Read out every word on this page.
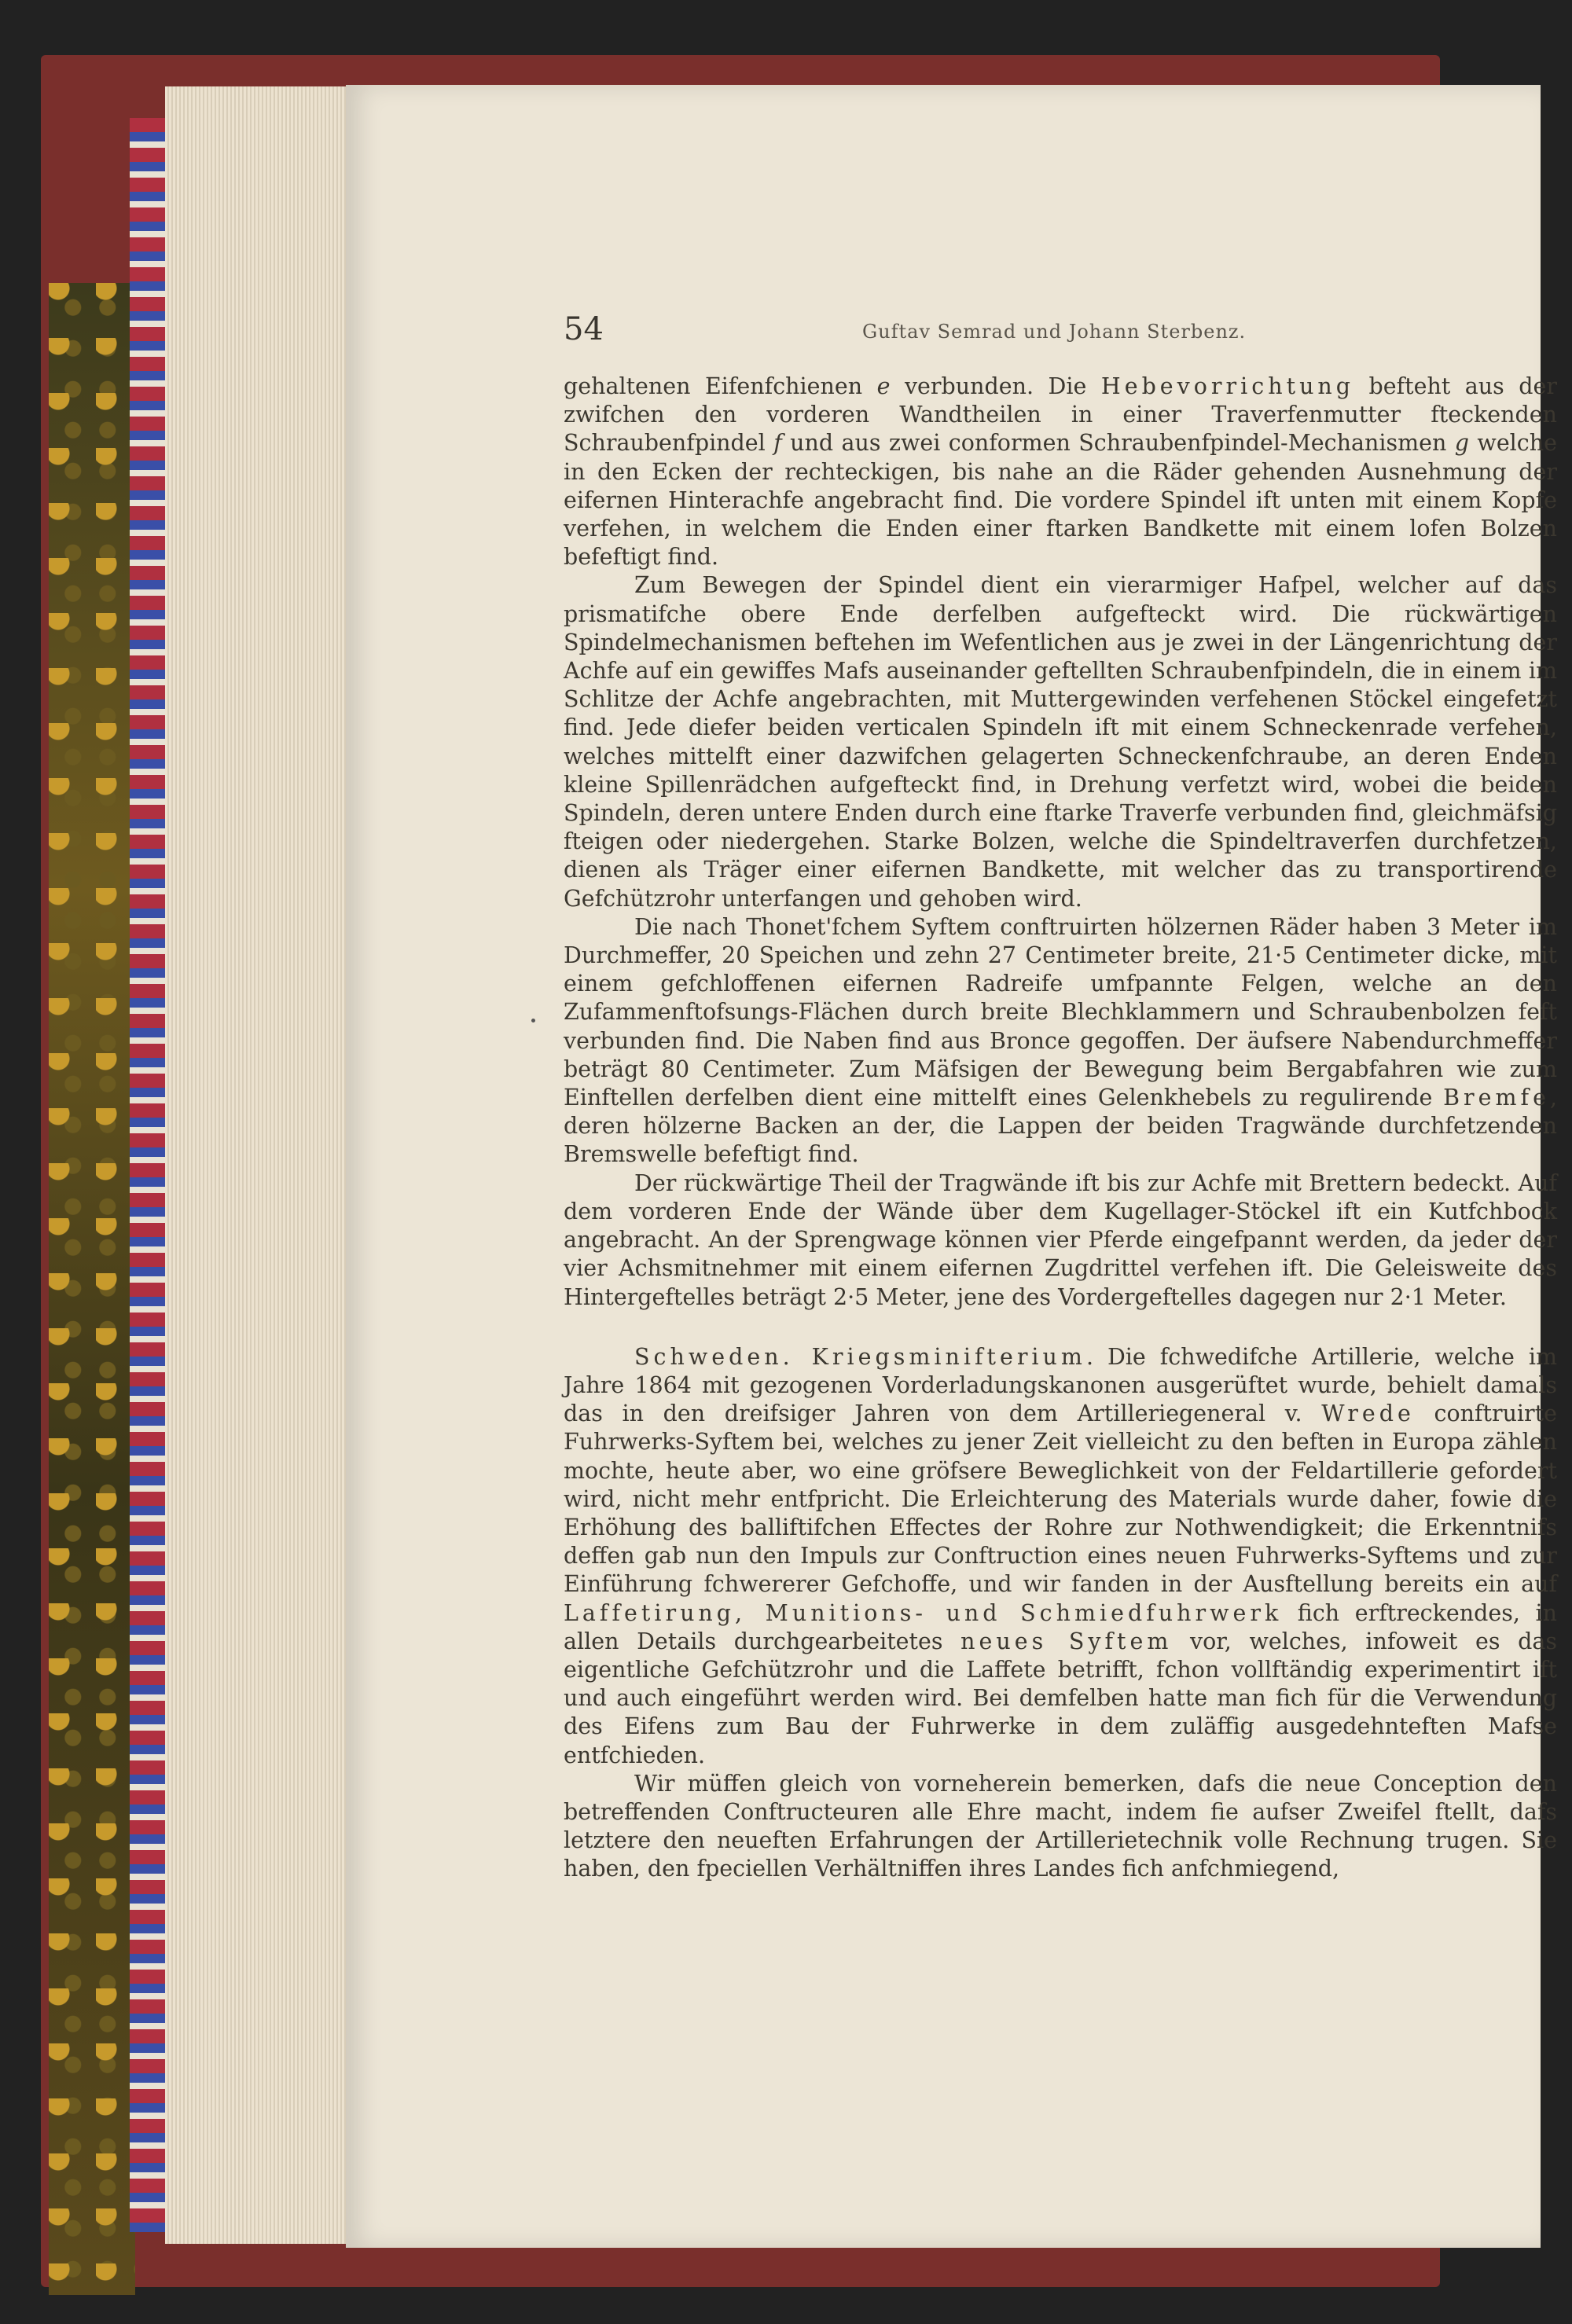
54	Guftav Semrad und Johann Sterbenz.

gehaltenen Eifenfchienen e verbunden. Die Hebevorrichtung befteht aus der zwifchen den vorderen Wandtheilen in einer Traverfenmutter fteckenden Schraubenfpindel f und aus zwei conformen Schraubenfpindel-Mechanismen g welche in den Ecken der rechteckigen, bis nahe an die Räder gehenden Ausnehmung der eifernen Hinterachfe angebracht find. Die vordere Spindel ift unten mit einem Kopfe verfehen, in welchem die Enden einer ftarken Bandkette mit einem lofen Bolzen befeftigt find.

Zum Bewegen der Spindel dient ein vierarmiger Hafpel, welcher auf das prismatifche obere Ende derfelben aufgefteckt wird. Die rückwärtigen Spindelmechanismen beftehen im Wefentlichen aus je zwei in der Längenrichtung der Achfe auf ein gewiffes Mafs auseinander geftellten Schraubenfpindeln, die in einem im Schlitze der Achfe angebrachten, mit Muttergewinden verfehenen Stöckel eingefetzt find. Jede diefer beiden verticalen Spindeln ift mit einem Schneckenrade verfehen, welches mittelft einer dazwifchen gelagerten Schneckenfchraube, an deren Enden kleine Spillenrädchen aufgefteckt find, in Drehung verfetzt wird, wobei die beiden Spindeln, deren untere Enden durch eine ftarke Traverfe verbunden find, gleichmäfsig fteigen oder niedergehen. Starke Bolzen, welche die Spindeltraverfen durchfetzen, dienen als Träger einer eifernen Bandkette, mit welcher das zu transportirende Gefchützrohr unterfangen und gehoben wird.

Die nach Thonet'fchem Syftem conftruirten hölzernen Räder haben 3 Meter im Durchmeffer, 20 Speichen und zehn 27 Centimeter breite, 21·5 Centimeter dicke, mit einem gefchloffenen eifernen Radreife umfpannte Felgen, welche an den Zufammenftofsungs-Flächen durch breite Blechklammern und Schraubenbolzen feft verbunden find. Die Naben find aus Bronce gegoffen. Der äufsere Nabendurchmeffer beträgt 80 Centimeter. Zum Mäfsigen der Bewegung beim Bergabfahren wie zum Einftellen derfelben dient eine mittelft eines Gelenkhebels zu regulirende Bremfe, deren hölzerne Backen an der, die Lappen der beiden Tragwände durchfetzenden Bremswelle befeftigt find.

Der rückwärtige Theil der Tragwände ift bis zur Achfe mit Brettern bedeckt. Auf dem vorderen Ende der Wände über dem Kugellager-Stöckel ift ein Kutfchbock angebracht. An der Sprengwage können vier Pferde eingefpannt werden, da jeder der vier Achsmitnehmer mit einem eifernen Zugdrittel verfehen ift. Die Geleisweite des Hintergeftelles beträgt 2·5 Meter, jene des Vordergeftelles dagegen nur 2·1 Meter.

Schweden. Kriegsminifterium. Die fchwedifche Artillerie, welche im Jahre 1864 mit gezogenen Vorderladungskanonen ausgerüftet wurde, behielt damals das in den dreifsiger Jahren von dem Artilleriegeneral v. Wrede conftruirte Fuhrwerks-Syftem bei, welches zu jener Zeit vielleicht zu den beften in Europa zählen mochte, heute aber, wo eine gröfsere Beweglichkeit von der Feldartillerie gefordert wird, nicht mehr entfpricht. Die Erleichterung des Materials wurde daher, fowie die Erhöhung des balliftifchen Effectes der Rohre zur Nothwendigkeit; die Erkenntnifs deffen gab nun den Impuls zur Conftruction eines neuen Fuhrwerks-Syftems und zur Einführung fchwererer Gefchoffe, und wir fanden in der Ausftellung bereits ein auf Laffetirung, Munitions- und Schmiedfuhrwerk fich erftreckendes, in allen Details durchgearbeitetes neues Syftem vor, welches, infoweit es das eigentliche Gefchützrohr und die Laffete betrifft, fchon vollftändig experimentirt ift und auch eingeführt werden wird. Bei demfelben hatte man fich für die Verwendung des Eifens zum Bau der Fuhrwerke in dem zuläffig ausgedehnteften Mafse entfchieden.

Wir müffen gleich von vorneherein bemerken, dafs die neue Conception den betreffenden Conftructeuren alle Ehre macht, indem fie aufser Zweifel ftellt, dafs letztere den neueften Erfahrungen der Artillerietechnik volle Rechnung trugen. Sie haben, den fpeciellen Verhältniffen ihres Landes fich anfchmiegend,
